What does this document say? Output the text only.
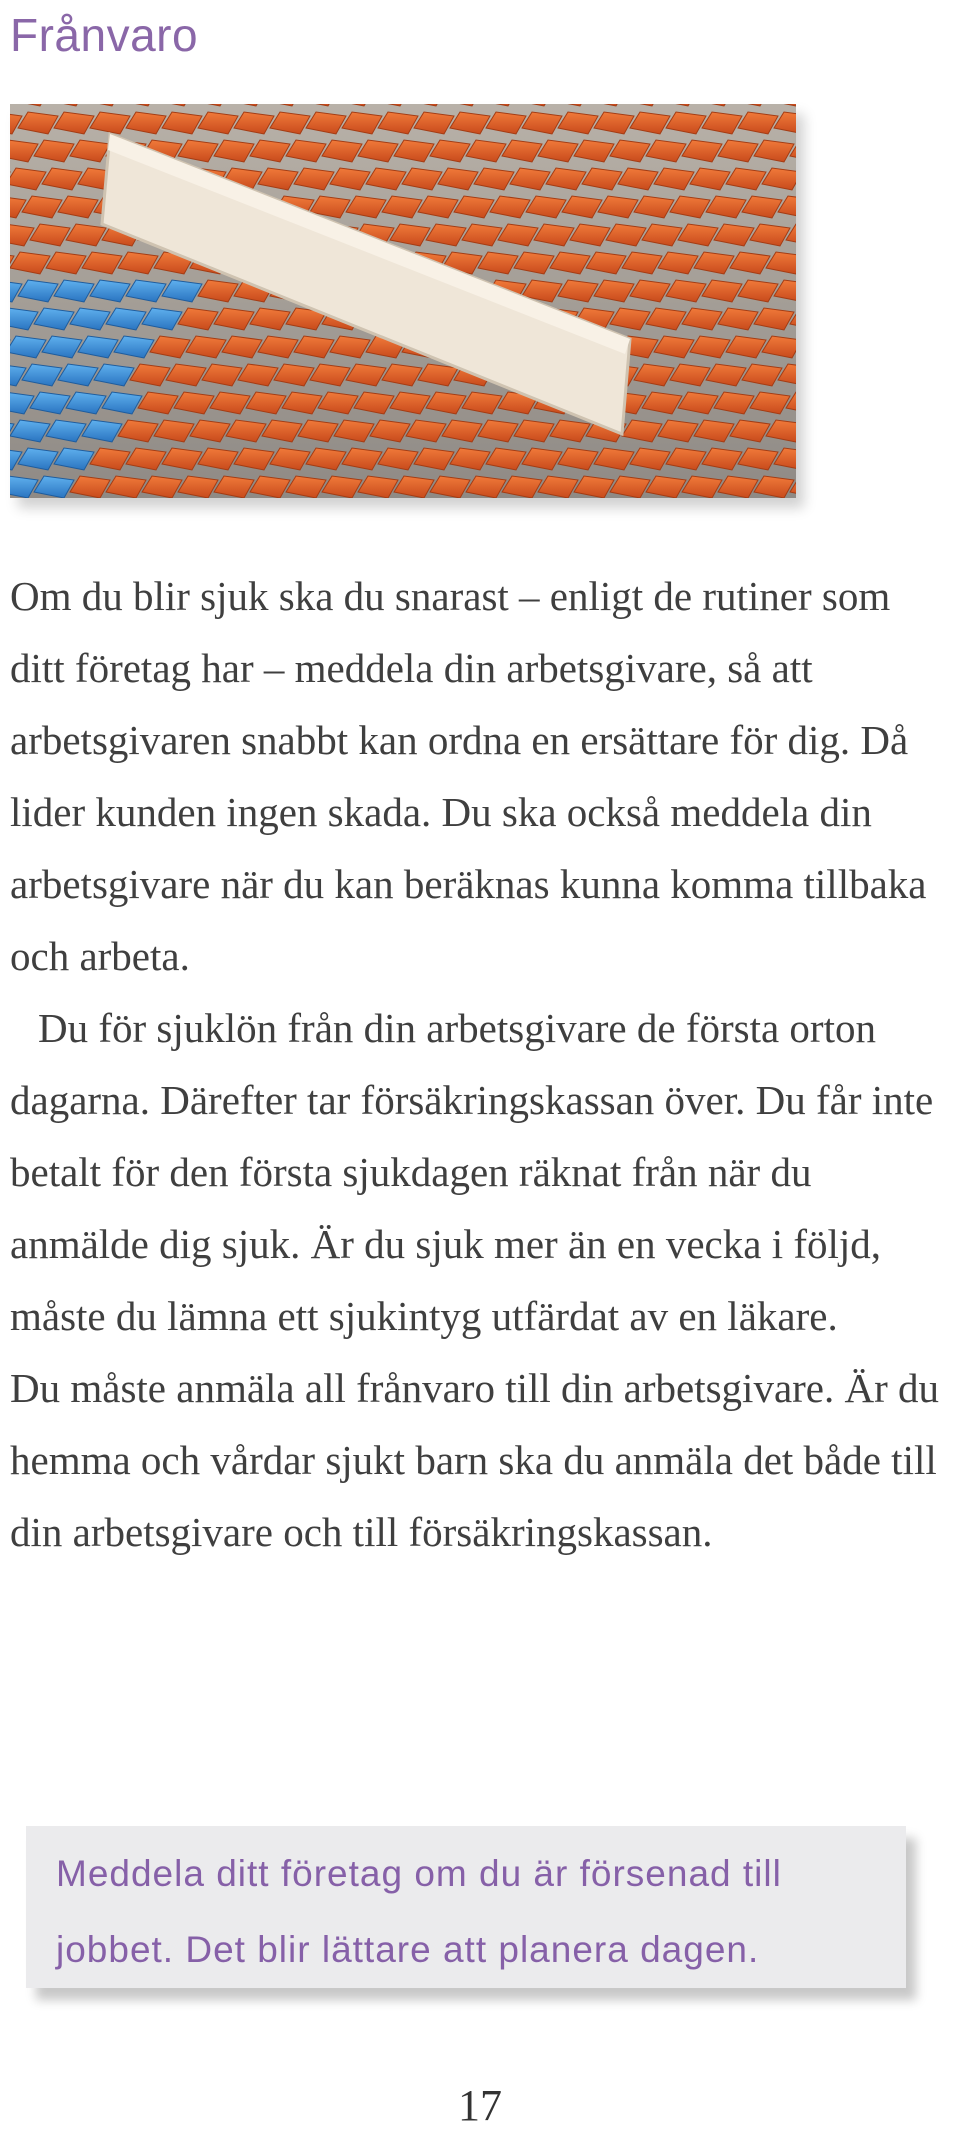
Frånvaro

Om du blir sjuk ska du snarast – enligt de rutiner som ditt företag har – meddela din arbetsgivare, så att arbetsgivaren snabbt kan ordna en ersättare för dig. Då lider kunden ingen skada. Du ska också meddela din arbetsgivare när du kan beräknas kunna komma tillbaka och arbeta.

Du för sjuklön från din arbetsgivare de första orton dagarna. Därefter tar försäkringskassan över. Du får inte betalt för den första sjukdagen räknat från när du anmälde dig sjuk. Är du sjuk mer än en vecka i följd, måste du lämna ett sjukintyg utfärdat av en läkare.

Du måste anmäla all frånvaro till din arbetsgivare. Är du hemma och vårdar sjukt barn ska du anmäla det både till din arbetsgivare och till försäkringskassan.

Meddela ditt företag om du är försenad till jobbet. Det blir lättare att planera dagen.
17
